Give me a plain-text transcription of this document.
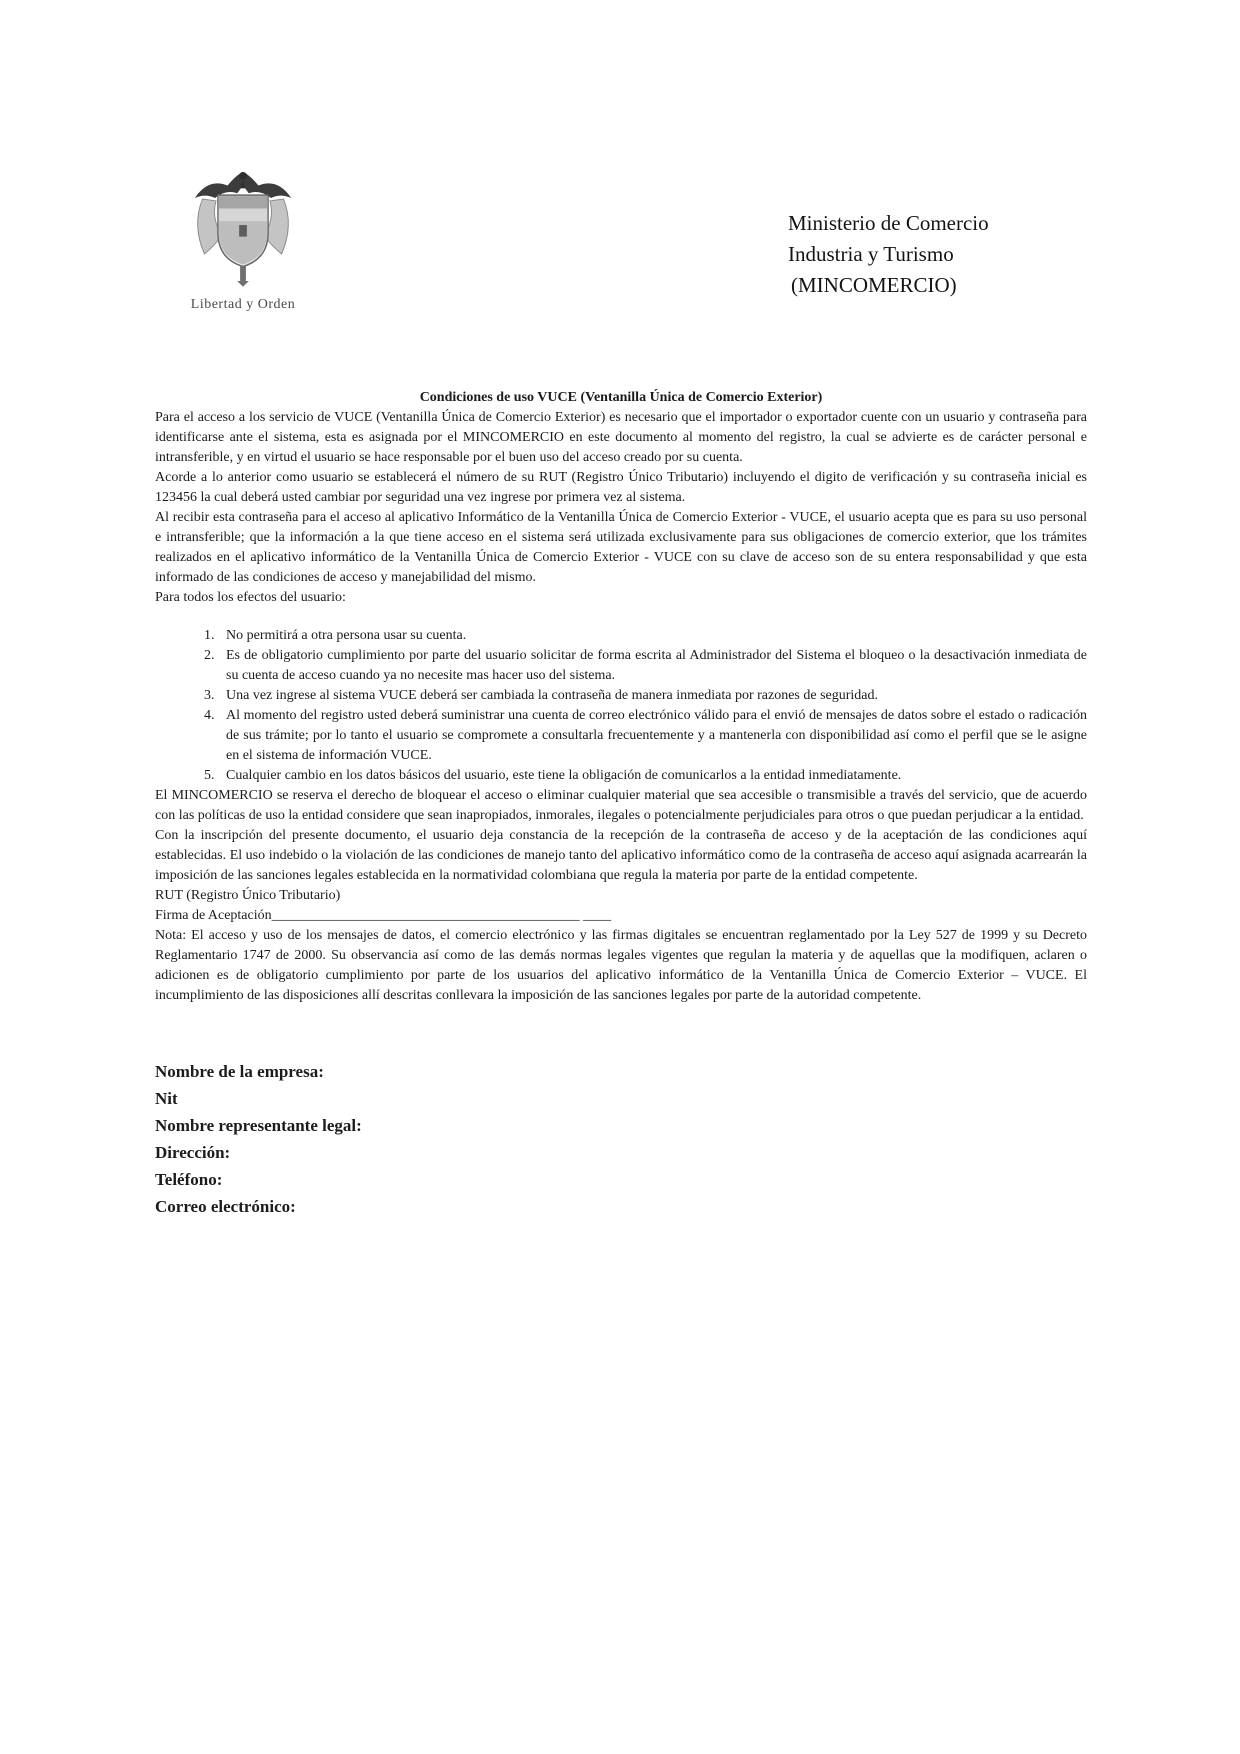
Libertad y Orden
Ministerio de Comercio
Industria y Turismo
(MINCOMERCIO)
Condiciones de uso VUCE (Ventanilla Única de Comercio Exterior)

Para el acceso a los servicio de VUCE (Ventanilla Única de Comercio Exterior) es necesario que el importador o exportador cuente con un usuario y contraseña para identificarse ante el sistema, esta es asignada por el MINCOMERCIO en este documento al momento del registro, la cual se advierte es de carácter personal e intransferible, y en virtud el usuario se hace responsable por el buen uso del acceso creado por su cuenta.

Acorde a lo anterior como usuario se establecerá el número de su RUT (Registro Único Tributario) incluyendo el digito de verificación y su contraseña inicial es 123456 la cual deberá usted cambiar por seguridad una vez ingrese por primera vez al sistema.

Al recibir esta contraseña para el acceso al aplicativo Informático de la Ventanilla Única de Comercio Exterior - VUCE, el usuario acepta que es para su uso personal e intransferible; que la información a la que tiene acceso en el sistema será utilizada exclusivamente para sus obligaciones de comercio exterior, que los trámites realizados en el aplicativo informático de la Ventanilla Única de Comercio Exterior - VUCE con su clave de acceso son de su entera responsabilidad y que esta informado de las condiciones de acceso y manejabilidad del mismo.

Para todos los efectos del usuario:

1. No permitirá a otra persona usar su cuenta.
2. Es de obligatorio cumplimiento por parte del usuario solicitar de forma escrita al Administrador del Sistema el bloqueo o la desactivación inmediata de su cuenta de acceso cuando ya no necesite mas hacer uso del sistema.
3. Una vez ingrese al sistema VUCE deberá ser cambiada la contraseña de manera inmediata por razones de seguridad.
4. Al momento del registro usted deberá suministrar una cuenta de correo electrónico válido para el envió de mensajes de datos sobre el estado o radicación de sus trámite; por lo tanto el usuario se compromete a consultarla frecuentemente y a mantenerla con disponibilidad así como el perfil que se le asigne en el sistema de información VUCE.
5. Cualquier cambio en los datos básicos del usuario, este tiene la obligación de comunicarlos a la entidad inmediatamente.

El MINCOMERCIO se reserva el derecho de bloquear el acceso o eliminar cualquier material que sea accesible o transmisible a través del servicio, que de acuerdo con las políticas de uso la entidad considere que sean inapropiados, inmorales, ilegales o potencialmente perjudiciales para otros o que puedan perjudicar a la entidad.

Con la inscripción del presente documento, el usuario deja constancia de la recepción de la contraseña de acceso y de la aceptación de las condiciones aquí establecidas. El uso indebido o la violación de las condiciones de manejo tanto del aplicativo informático como de la contraseña de acceso aquí asignada acarrearán la imposición de las sanciones legales establecida en la normatividad colombiana que regula la materia por parte de la entidad competente.

RUT (Registro Único Tributario)

Firma de Aceptación____________________________________________ ____

Nota: El acceso y uso de los mensajes de datos, el comercio electrónico y las firmas digitales se encuentran reglamentado por la Ley 527 de 1999 y su Decreto Reglamentario 1747 de 2000. Su observancia así como de las demás normas legales vigentes que regulan la materia y de aquellas que la modifiquen, aclaren o adicionen es de obligatorio cumplimiento por parte de los usuarios del aplicativo informático de la Ventanilla Única de Comercio Exterior – VUCE. El incumplimiento de las disposiciones allí descritas conllevara la imposición de las sanciones legales por parte de la autoridad competente.

Nombre de la empresa:
Nit
Nombre representante legal:
Dirección:
Teléfono:
Correo electrónico:
